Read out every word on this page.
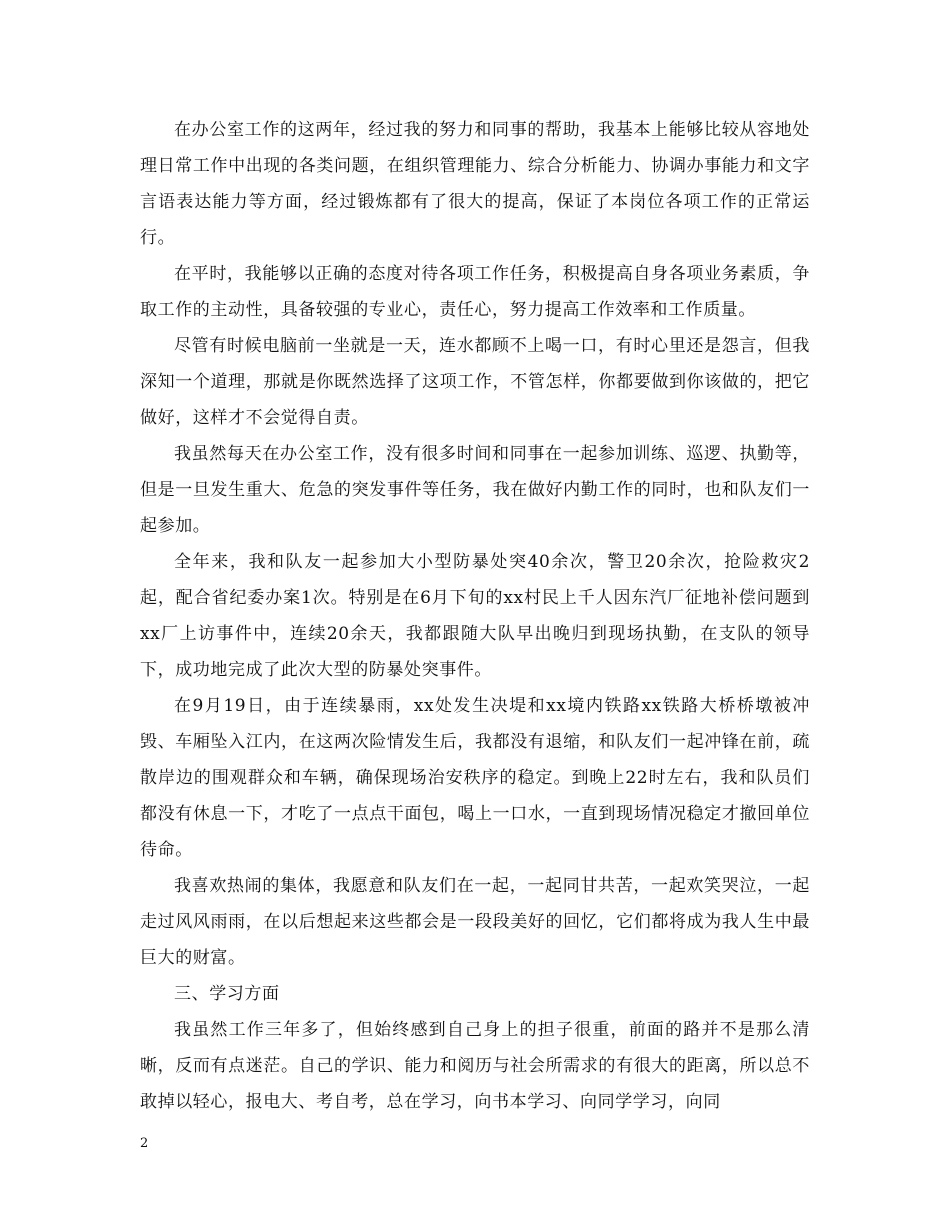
在办公室工作的这两年，经过我的努力和同事的帮助，我基本上能够比较从容地处理日常工作中出现的各类问题，在组织管理能力、综合分析能力、协调办事能力和文字言语表达能力等方面，经过锻炼都有了很大的提高，保证了本岗位各项工作的正常运行。

在平时，我能够以正确的态度对待各项工作任务，积极提高自身各项业务素质，争取工作的主动性，具备较强的专业心，责任心，努力提高工作效率和工作质量。

尽管有时候电脑前一坐就是一天，连水都顾不上喝一口，有时心里还是怨言，但我深知一个道理，那就是你既然选择了这项工作，不管怎样，你都要做到你该做的，把它做好，这样才不会觉得自责。

我虽然每天在办公室工作，没有很多时间和同事在一起参加训练、巡逻、执勤等，但是一旦发生重大、危急的突发事件等任务，我在做好内勤工作的同时，也和队友们一起参加。

全年来，我和队友一起参加大小型防暴处突40余次，警卫20余次，抢险救灾2起，配合省纪委办案1次。特别是在6月下旬的xx村民上千人因东汽厂征地补偿问题到xx厂上访事件中，连续20余天，我都跟随大队早出晚归到现场执勤，在支队的领导下，成功地完成了此次大型的防暴处突事件。

在9月19日，由于连续暴雨，xx处发生决堤和xx境内铁路xx铁路大桥桥墩被冲毁、车厢坠入江内，在这两次险情发生后，我都没有退缩，和队友们一起冲锋在前，疏散岸边的围观群众和车辆，确保现场治安秩序的稳定。到晚上22时左右，我和队员们都没有休息一下，才吃了一点点干面包，喝上一口水，一直到现场情况稳定才撤回单位待命。

我喜欢热闹的集体，我愿意和队友们在一起，一起同甘共苦，一起欢笑哭泣，一起走过风风雨雨，在以后想起来这些都会是一段段美好的回忆，它们都将成为我人生中最巨大的财富。

三、学习方面

我虽然工作三年多了，但始终感到自己身上的担子很重，前面的路并不是那么清晰，反而有点迷茫。自己的学识、能力和阅历与社会所需求的有很大的距离，所以总不敢掉以轻心，报电大、考自考，总在学习，向书本学习、向同学学习，向同

2
